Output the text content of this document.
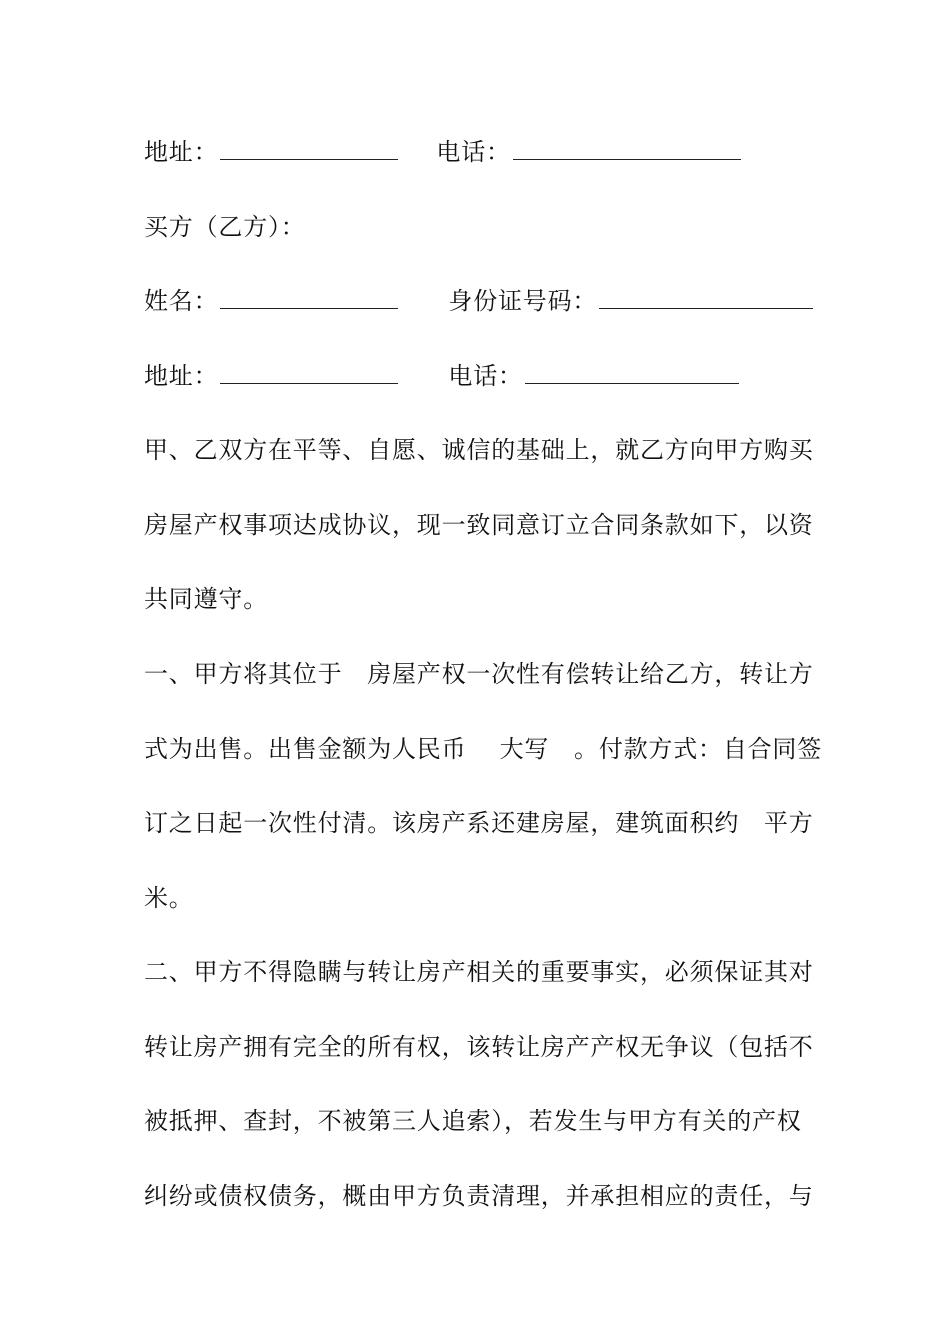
地址：	电话：
买方（乙方）：
姓名：	身份证号码：
地址：	电话：
甲、乙双方在平等、自愿、诚信的基础上，就乙方向甲方购买
房屋产权事项达成协议，现一致同意订立合同条款如下，以资
共同遵守。
一、甲方将其位于　房屋产权一次性有偿转让给乙方，转让方
式为出售。出售金额为人民币　 大写　。付款方式：自合同签
订之日起一次性付清。该房产系还建房屋，建筑面积约　平方
米。
二、甲方不得隐瞒与转让房产相关的重要事实，必须保证其对
转让房产拥有完全的所有权，该转让房产产权无争议（包括不
被抵押、查封，不被第三人追索），若发生与甲方有关的产权
纠纷或债权债务，概由甲方负责清理，并承担相应的责任，与
